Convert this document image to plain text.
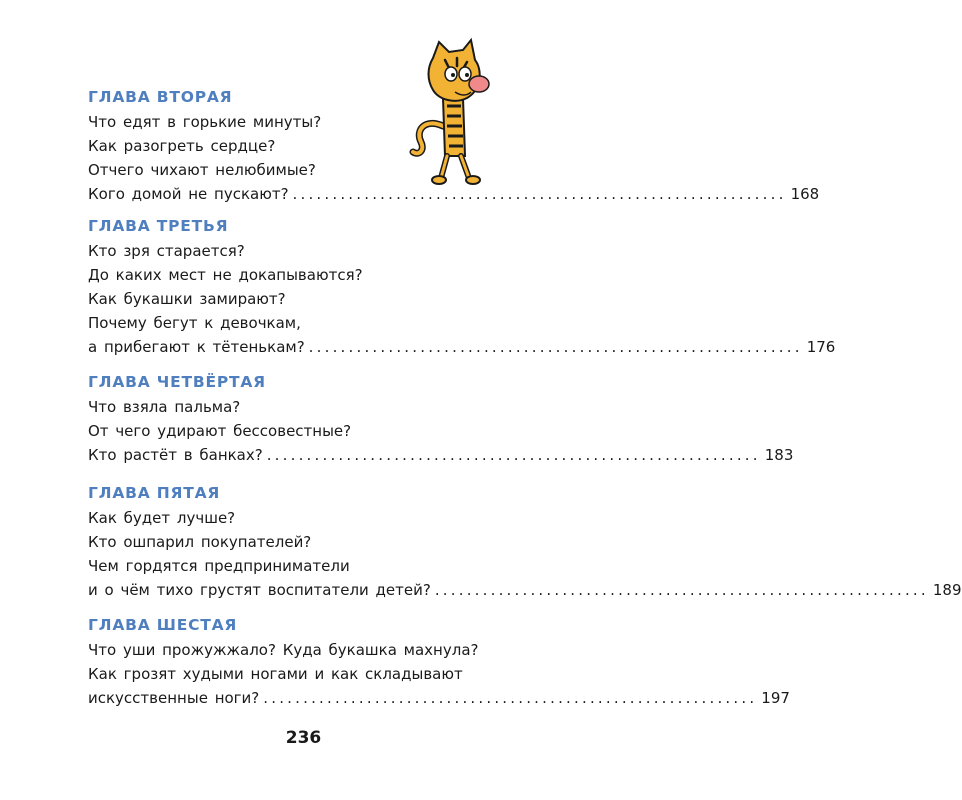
ГЛАВА ВТОРАЯ
Что едят в горькие минуты?
Как разогреть сердце?
Отчего чихают нелюбимые?
Кого домой не пускают? .............................................................. 168
ГЛАВА ТРЕТЬЯ
Кто зря старается?
До каких мест не докапываются?
Как букашки замирают?
Почему бегут к девочкам,
а прибегают к тётенькам? .............................................................. 176
ГЛАВА ЧЕТВЁРТАЯ
Что взяла пальма?
От чего удирают бессовестные?
Кто растёт в банках? .............................................................. 183
ГЛАВА ПЯТАЯ
Как будет лучше?
Кто ошпарил покупателей?
Чем гордятся предприниматели
и о чём тихо грустят воспитатели детей? .............................................................. 189
ГЛАВА ШЕСТАЯ
Что уши прожужжало? Куда букашка махнула?
Как грозят худыми ногами и как складывают
искусственные ноги? .............................................................. 197
236
